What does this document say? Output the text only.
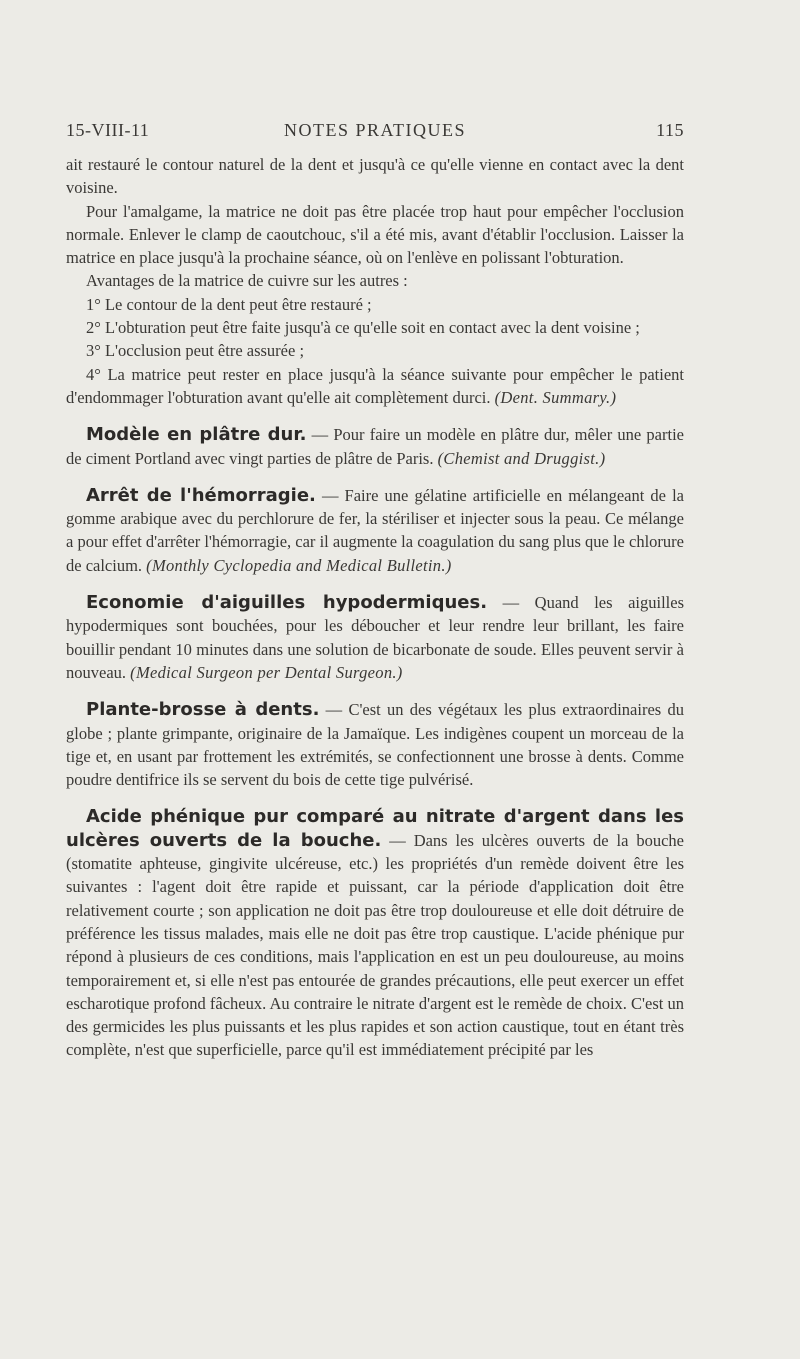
15-VIII-11	NOTES PRATIQUES	115

ait restauré le contour naturel de la dent et jusqu'à ce qu'elle vienne en contact avec la dent voisine.

Pour l'amalgame, la matrice ne doit pas être placée trop haut pour empêcher l'occlusion normale. Enlever le clamp de caoutchouc, s'il a été mis, avant d'établir l'occlusion. Laisser la matrice en place jusqu'à la prochaine séance, où on l'enlève en polissant l'obturation.

Avantages de la matrice de cuivre sur les autres :

1° Le contour de la dent peut être restauré ;

2° L'obturation peut être faite jusqu'à ce qu'elle soit en contact avec la dent voisine ;

3° L'occlusion peut être assurée ;

4° La matrice peut rester en place jusqu'à la séance suivante pour empêcher le patient d'endommager l'obturation avant qu'elle ait complètement durci. (Dent. Summary.)

Modèle en plâtre dur. — Pour faire un modèle en plâtre dur, mêler une partie de ciment Portland avec vingt parties de plâtre de Paris. (Chemist and Druggist.)

Arrêt de l'hémorragie. — Faire une gélatine artificielle en mélangeant de la gomme arabique avec du perchlorure de fer, la stériliser et injecter sous la peau. Ce mélange a pour effet d'arrêter l'hémorragie, car il augmente la coagulation du sang plus que le chlorure de calcium. (Monthly Cyclopedia and Medical Bulletin.)

Economie d'aiguilles hypodermiques. — Quand les aiguilles hypodermiques sont bouchées, pour les déboucher et leur rendre leur brillant, les faire bouillir pendant 10 minutes dans une solution de bicarbonate de soude. Elles peuvent servir à nouveau. (Medical Surgeon per Dental Surgeon.)

Plante-brosse à dents. — C'est un des végétaux les plus extraordinaires du globe ; plante grimpante, originaire de la Jamaïque. Les indigènes coupent un morceau de la tige et, en usant par frottement les extrémités, se confectionnent une brosse à dents. Comme poudre dentifrice ils se servent du bois de cette tige pulvérisé.

Acide phénique pur comparé au nitrate d'argent dans les ulcères ouverts de la bouche. — Dans les ulcères ouverts de la bouche (stomatite aphteuse, gingivite ulcéreuse, etc.) les propriétés d'un remède doivent être les suivantes : l'agent doit être rapide et puissant, car la période d'application doit être relativement courte ; son application ne doit pas être trop douloureuse et elle doit détruire de préférence les tissus malades, mais elle ne doit pas être trop caustique. L'acide phénique pur répond à plusieurs de ces conditions, mais l'application en est un peu douloureuse, au moins temporairement et, si elle n'est pas entourée de grandes précautions, elle peut exercer un effet escharotique profond fâcheux. Au contraire le nitrate d'argent est le remède de choix. C'est un des germicides les plus puissants et les plus rapides et son action caustique, tout en étant très complète, n'est que superficielle, parce qu'il est immédiatement précipité par les
